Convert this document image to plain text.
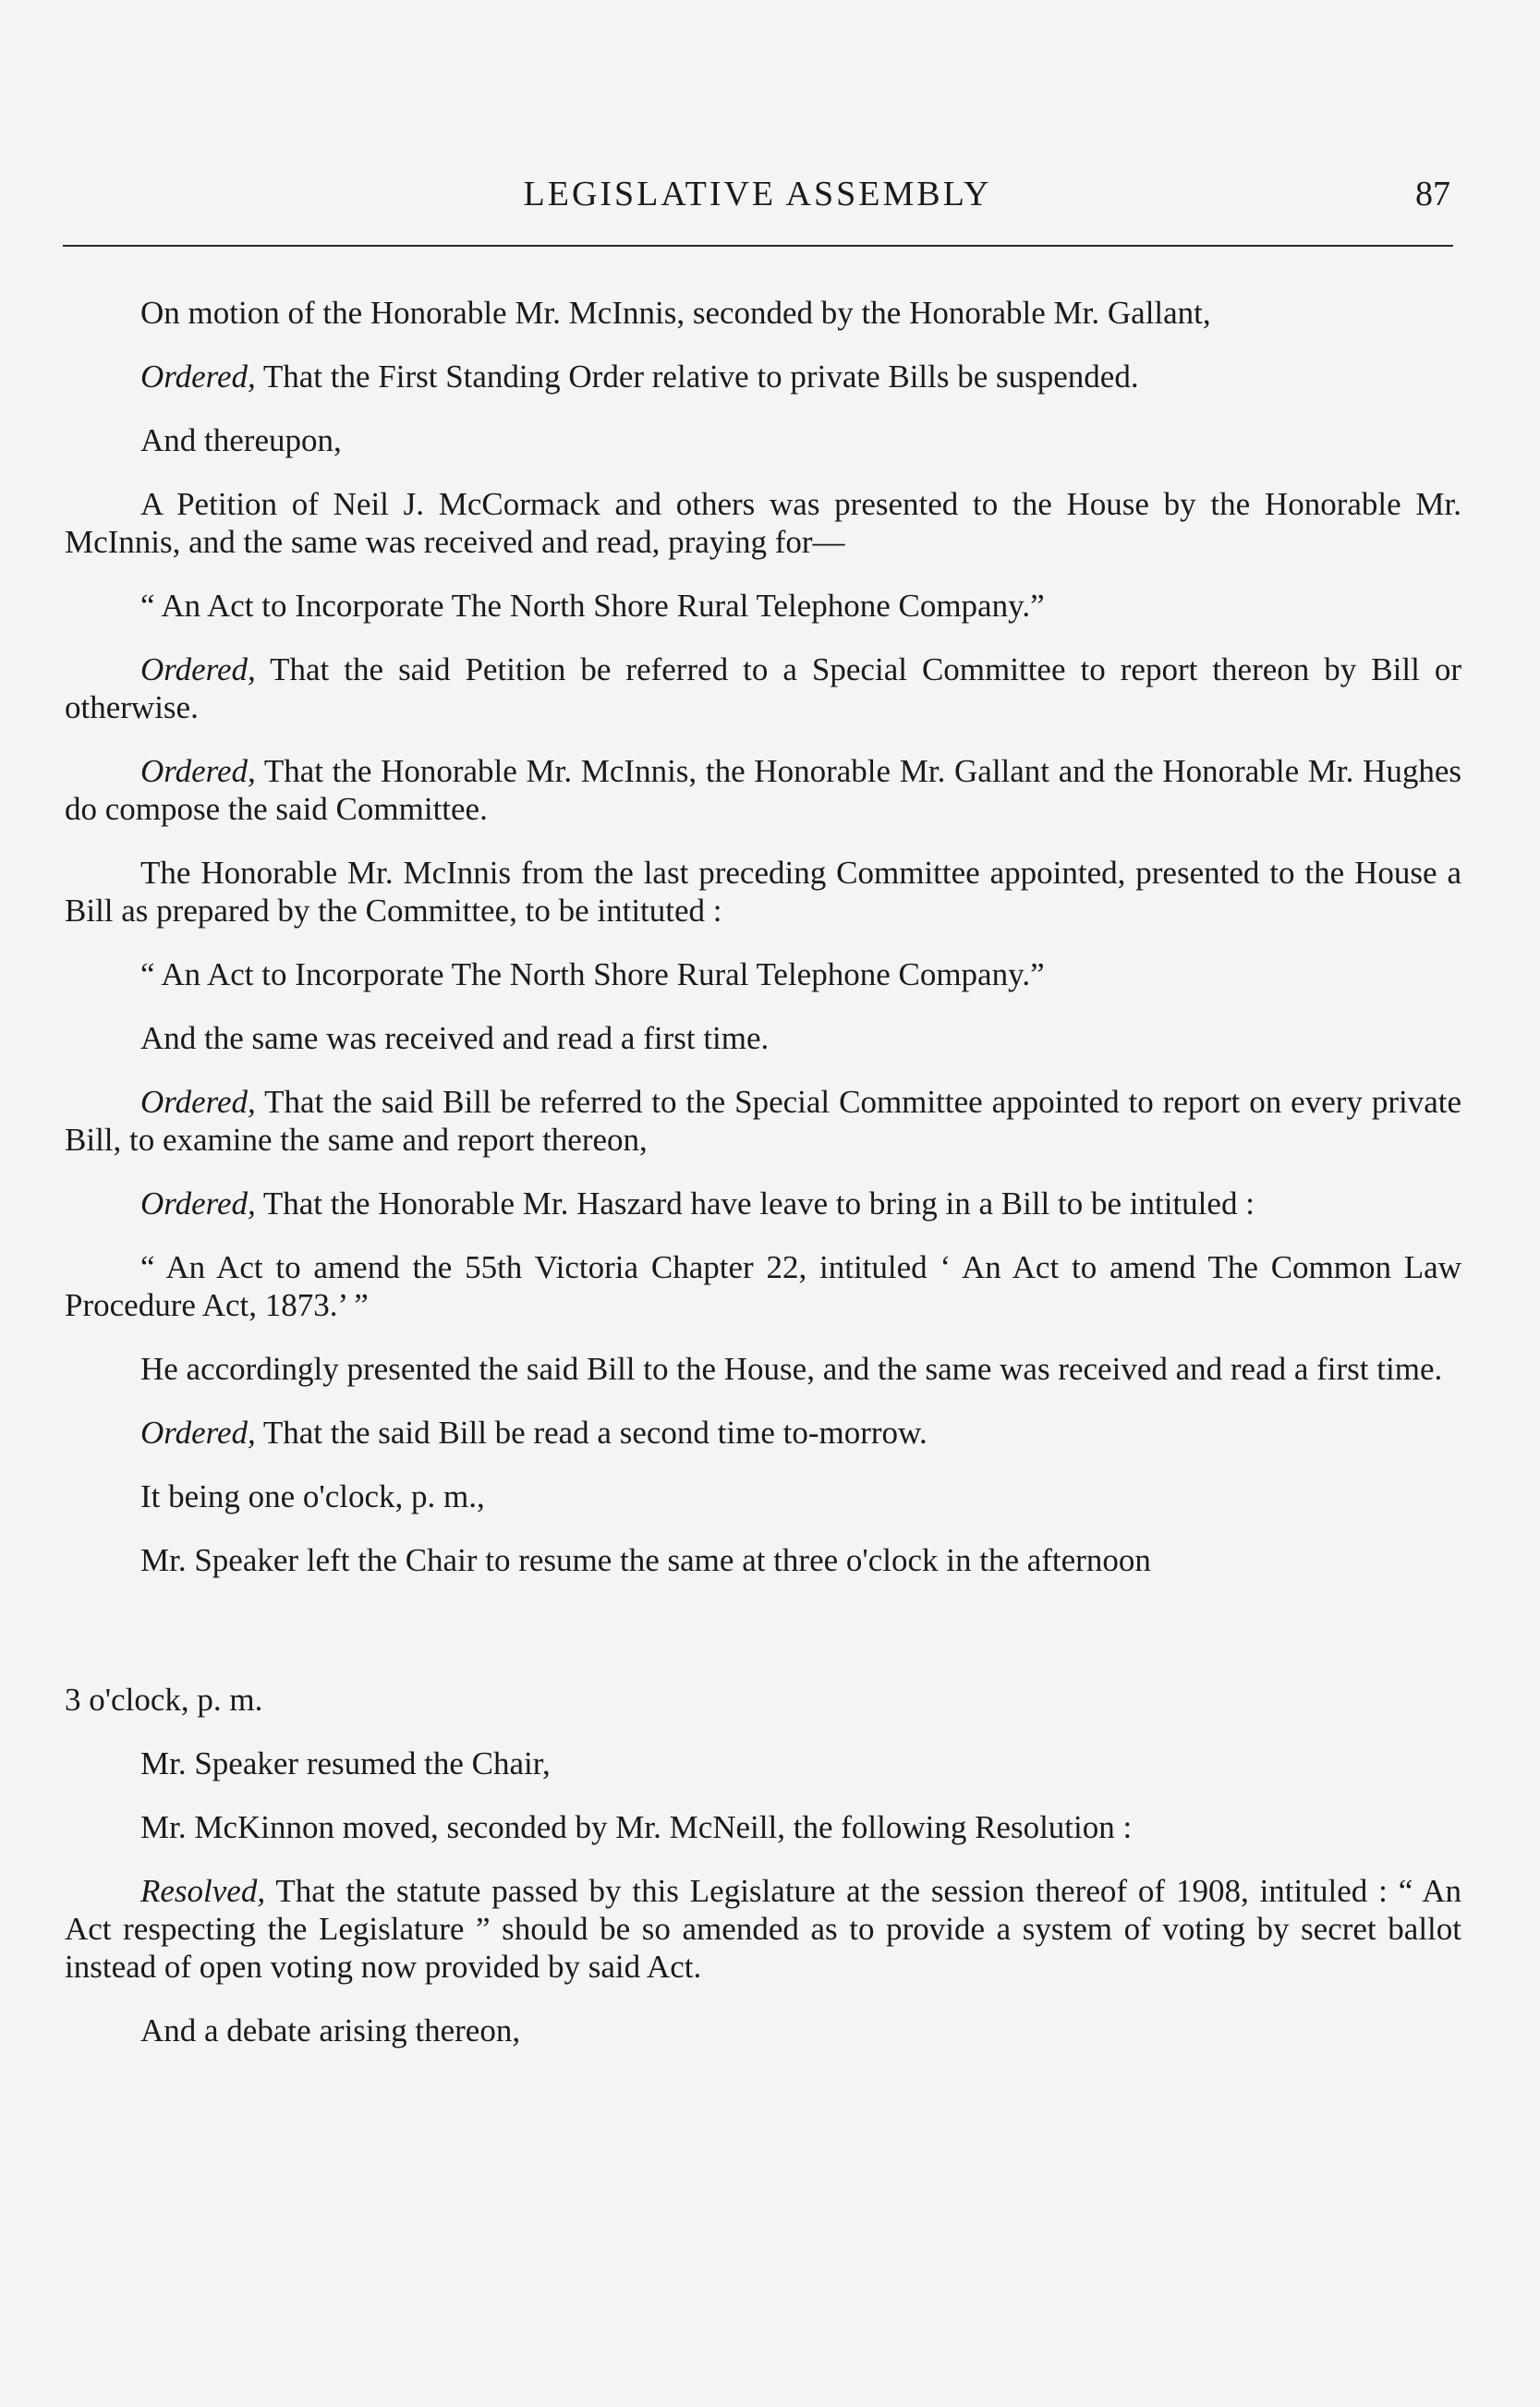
LEGISLATIVE ASSEMBLY	87

On motion of the Honorable Mr. McInnis, seconded by the Honorable Mr. Gallant,

Ordered, That the First Standing Order relative to private Bills be suspended.

And thereupon,

A Petition of Neil J. McCormack and others was presented to the House by the Honorable Mr. McInnis, and the same was received and read, praying for—

“ An Act to Incorporate The North Shore Rural Telephone Company.”

Ordered, That the said Petition be referred to a Special Committee to report thereon by Bill or otherwise.

Ordered, That the Honorable Mr. McInnis, the Honorable Mr. Gallant and the Honorable Mr. Hughes do compose the said Committee.

The Honorable Mr. McInnis from the last preceding Committee appointed, presented to the House a Bill as prepared by the Committee, to be intituted :

“ An Act to Incorporate The North Shore Rural Telephone Company.”

And the same was received and read a first time.

Ordered, That the said Bill be referred to the Special Committee appointed to report on every private Bill, to examine the same and report thereon,

Ordered, That the Honorable Mr. Haszard have leave to bring in a Bill to be intituled :

“ An Act to amend the 55th Victoria Chapter 22, intituled ‘ An Act to amend The Common Law Procedure Act, 1873.’ ”

He accordingly presented the said Bill to the House, and the same was received and read a first time.

Ordered, That the said Bill be read a second time to-morrow.

It being one o'clock, p. m.,

Mr. Speaker left the Chair to resume the same at three o'clock in the afternoon

3 o'clock, p. m.

Mr. Speaker resumed the Chair,

Mr. McKinnon moved, seconded by Mr. McNeill, the following Resolution :

Resolved, That the statute passed by this Legislature at the session thereof of 1908, intituled : “ An Act respecting the Legislature ” should be so amended as to provide a system of voting by secret ballot instead of open voting now provided by said Act.

And a debate arising thereon,
